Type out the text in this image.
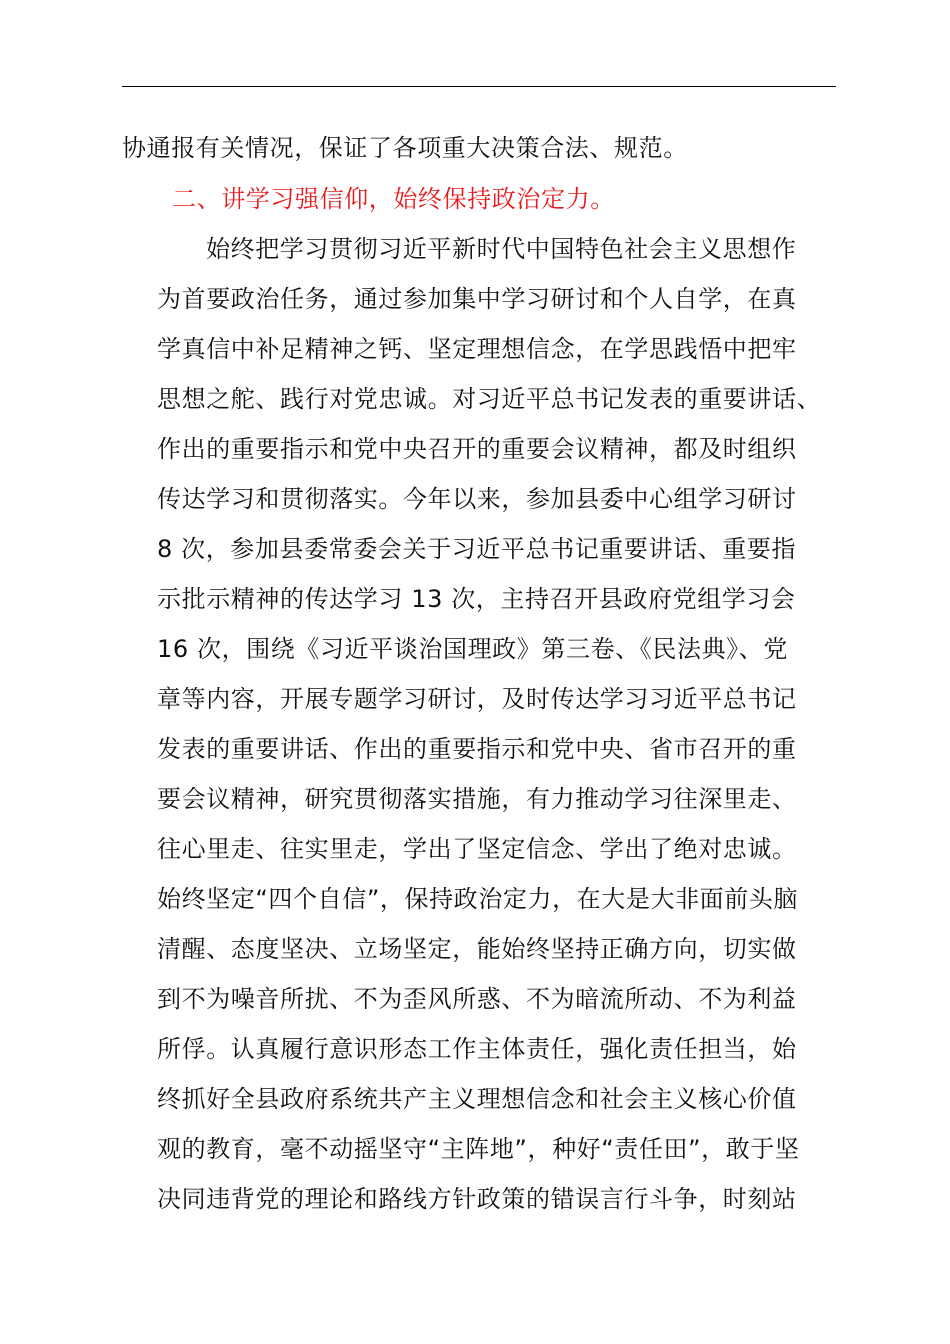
协通报有关情况，保证了各项重大决策合法、规范。
二、讲学习强信仰，始终保持政治定力。
始终把学习贯彻习近平新时代中国特色社会主义思想作
为首要政治任务，通过参加集中学习研讨和个人自学，在真
学真信中补足精神之钙、坚定理想信念，在学思践悟中把牢
思想之舵、践行对党忠诚。对习近平总书记发表的重要讲话、
作出的重要指示和党中央召开的重要会议精神，都及时组织
传达学习和贯彻落实。今年以来，参加县委中心组学习研讨
8 次，参加县委常委会关于习近平总书记重要讲话、重要指
示批示精神的传达学习 13 次，主持召开县政府党组学习会
16 次，围绕《习近平谈治国理政》第三卷、《民法典》、党
章等内容，开展专题学习研讨，及时传达学习习近平总书记
发表的重要讲话、作出的重要指示和党中央、省市召开的重
要会议精神，研究贯彻落实措施，有力推动学习往深里走、
往心里走、往实里走，学出了坚定信念、学出了绝对忠诚。
始终坚定“四个自信”，保持政治定力，在大是大非面前头脑
清醒、态度坚决、立场坚定，能始终坚持正确方向，切实做
到不为噪音所扰、不为歪风所惑、不为暗流所动、不为利益
所俘。认真履行意识形态工作主体责任，强化责任担当，始
终抓好全县政府系统共产主义理想信念和社会主义核心价值
观的教育，毫不动摇坚守“主阵地”，种好“责任田”，敢于坚
决同违背党的理论和路线方针政策的错误言行斗争，时刻站
